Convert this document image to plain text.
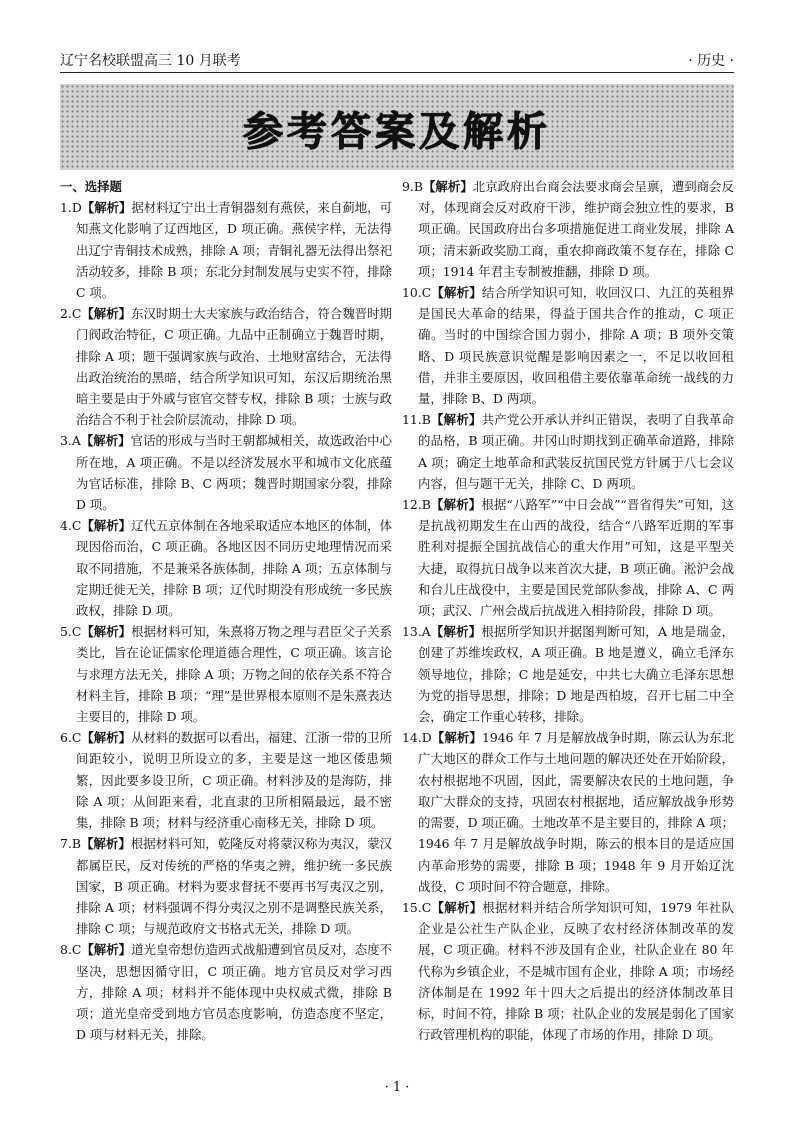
辽宁名校联盟高三 10 月联考	· 历史 ·
参考答案及解析
一、选择题

1.D【解析】据材料辽宁出土青铜器刻有燕侯，来自蓟地，可知燕文化影响了辽西地区，D 项正确。燕侯字样，无法得出辽宁青铜技术成熟，排除 A 项；青铜礼器无法得出祭祀活动较多，排除 B 项；东北分封制发展与史实不符，排除 C 项。

2.C【解析】东汉时期士大夫家族与政治结合，符合魏晋时期门阀政治特征，C 项正确。九品中正制确立于魏晋时期，排除 A 项；题干强调家族与政治、土地财富结合，无法得出政治统治的黑暗，结合所学知识可知，东汉后期统治黑暗主要是由于外戚与宦官交替专权，排除 B 项；士族与政治结合不利于社会阶层流动，排除 D 项。

3.A【解析】官话的形成与当时王朝都城相关，故选政治中心所在地，A 项正确。不是以经济发展水平和城市文化底蕴为官话标准，排除 B、C 两项；魏晋时期国家分裂，排除 D 项。

4.C【解析】辽代五京体制在各地采取适应本地区的体制，体现因俗而治，C 项正确。各地区因不同历史地理情况而采取不同措施，不是兼采各族体制，排除 A 项；五京体制与定期迁徙无关，排除 B 项；辽代时期没有形成统一多民族政权，排除 D 项。

5.C【解析】根据材料可知，朱熹将万物之理与君臣父子关系类比，旨在论证儒家伦理道德合理性，C 项正确。该言论与求理方法无关，排除 A 项；万物之间的依存关系不符合材料主旨，排除 B 项；“理”是世界根本原则不是朱熹表达主要目的，排除 D 项。

6.C【解析】从材料的数据可以看出，福建、江浙一带的卫所间距较小，说明卫所设立的多，主要是这一地区倭患频繁，因此要多设卫所，C 项正确。材料涉及的是海防，排除 A 项；从间距来看，北直隶的卫所相隔最远，最不密集，排除 B 项；材料与经济重心南移无关，排除 D 项。

7.B【解析】根据材料可知，乾隆反对将蒙汉称为夷汉，蒙汉都属臣民，反对传统的严格的华夷之辨，维护统一多民族国家，B 项正确。材料为要求督抚不要再书写夷汉之别，排除 A 项；材料强调不得分夷汉之别不是调整民族关系，排除 C 项；与规范政府文书格式无关，排除 D 项。

8.C【解析】道光皇帝想仿造西式战船遭到官员反对，态度不坚决，思想因循守旧，C 项正确。地方官员反对学习西方，排除 A 项；材料并不能体现中央权威式微，排除 B 项；道光皇帝受到地方官员态度影响，仿造态度不坚定，D 项与材料无关，排除。

9.B【解析】北京政府出台商会法要求商会呈禀，遭到商会反对，体现商会反对政府干涉，维护商会独立性的要求，B 项正确。民国政府出台多项措施促进工商业发展，排除 A 项；清末新政奖励工商，重农抑商政策不复存在，排除 C 项；1914 年君主专制被推翻，排除 D 项。

10.C【解析】结合所学知识可知，收回汉口、九江的英租界是国民大革命的结果，得益于国共合作的推动，C 项正确。当时的中国综合国力弱小，排除 A 项；B 项外交策略、D 项民族意识觉醒是影响因素之一，不足以收回租借，并非主要原因，收回租借主要依靠革命统一战线的力量，排除 B、D 两项。

11.B【解析】共产党公开承认并纠正错误，表明了自我革命的品格，B 项正确。井冈山时期找到正确革命道路，排除 A 项；确定土地革命和武装反抗国民党方针属于八七会议内容，但与题干无关，排除 C、D 两项。

12.B【解析】根据“八路军”“中日会战”“晋省得失”可知，这是抗战初期发生在山西的战役，结合“八路军近期的军事胜利对提振全国抗战信心的重大作用”可知，这是平型关大捷，取得抗日战争以来首次大捷，B 项正确。淞沪会战和台儿庄战役中，主要是国民党部队参战，排除 A、C 两项；武汉、广州会战后抗战进入相持阶段，排除 D 项。

13.A【解析】根据所学知识并据图判断可知，A 地是瑞金，创建了苏维埃政权，A 项正确。B 地是遵义，确立毛泽东领导地位，排除；C 地是延安，中共七大确立毛泽东思想为党的指导思想，排除；D 地是西柏坡，召开七届二中全会，确定工作重心转移，排除。

14.D【解析】1946 年 7 月是解放战争时期，陈云认为东北广大地区的群众工作与土地问题的解决还处在开始阶段，农村根据地不巩固，因此，需要解决农民的土地问题，争取广大群众的支持，巩固农村根据地，适应解放战争形势的需要，D 项正确。土地改革不是主要目的，排除 A 项；1946 年 7 月是解放战争时期，陈云的根本目的是适应国内革命形势的需要，排除 B 项；1948 年 9 月开始辽沈战役，C 项时间不符合题意，排除。

15.C【解析】根据材料并结合所学知识可知，1979 年社队企业是公社生产队企业，反映了农村经济体制改革的发展，C 项正确。材料不涉及国有企业，社队企业在 80 年代称为乡镇企业，不是城市国有企业，排除 A 项；市场经济体制是在 1992 年十四大之后提出的经济体制改革目标，时间不符，排除 B 项；社队企业的发展是弱化了国家行政管理机构的职能，体现了市场的作用，排除 D 项。

· 1 ·
